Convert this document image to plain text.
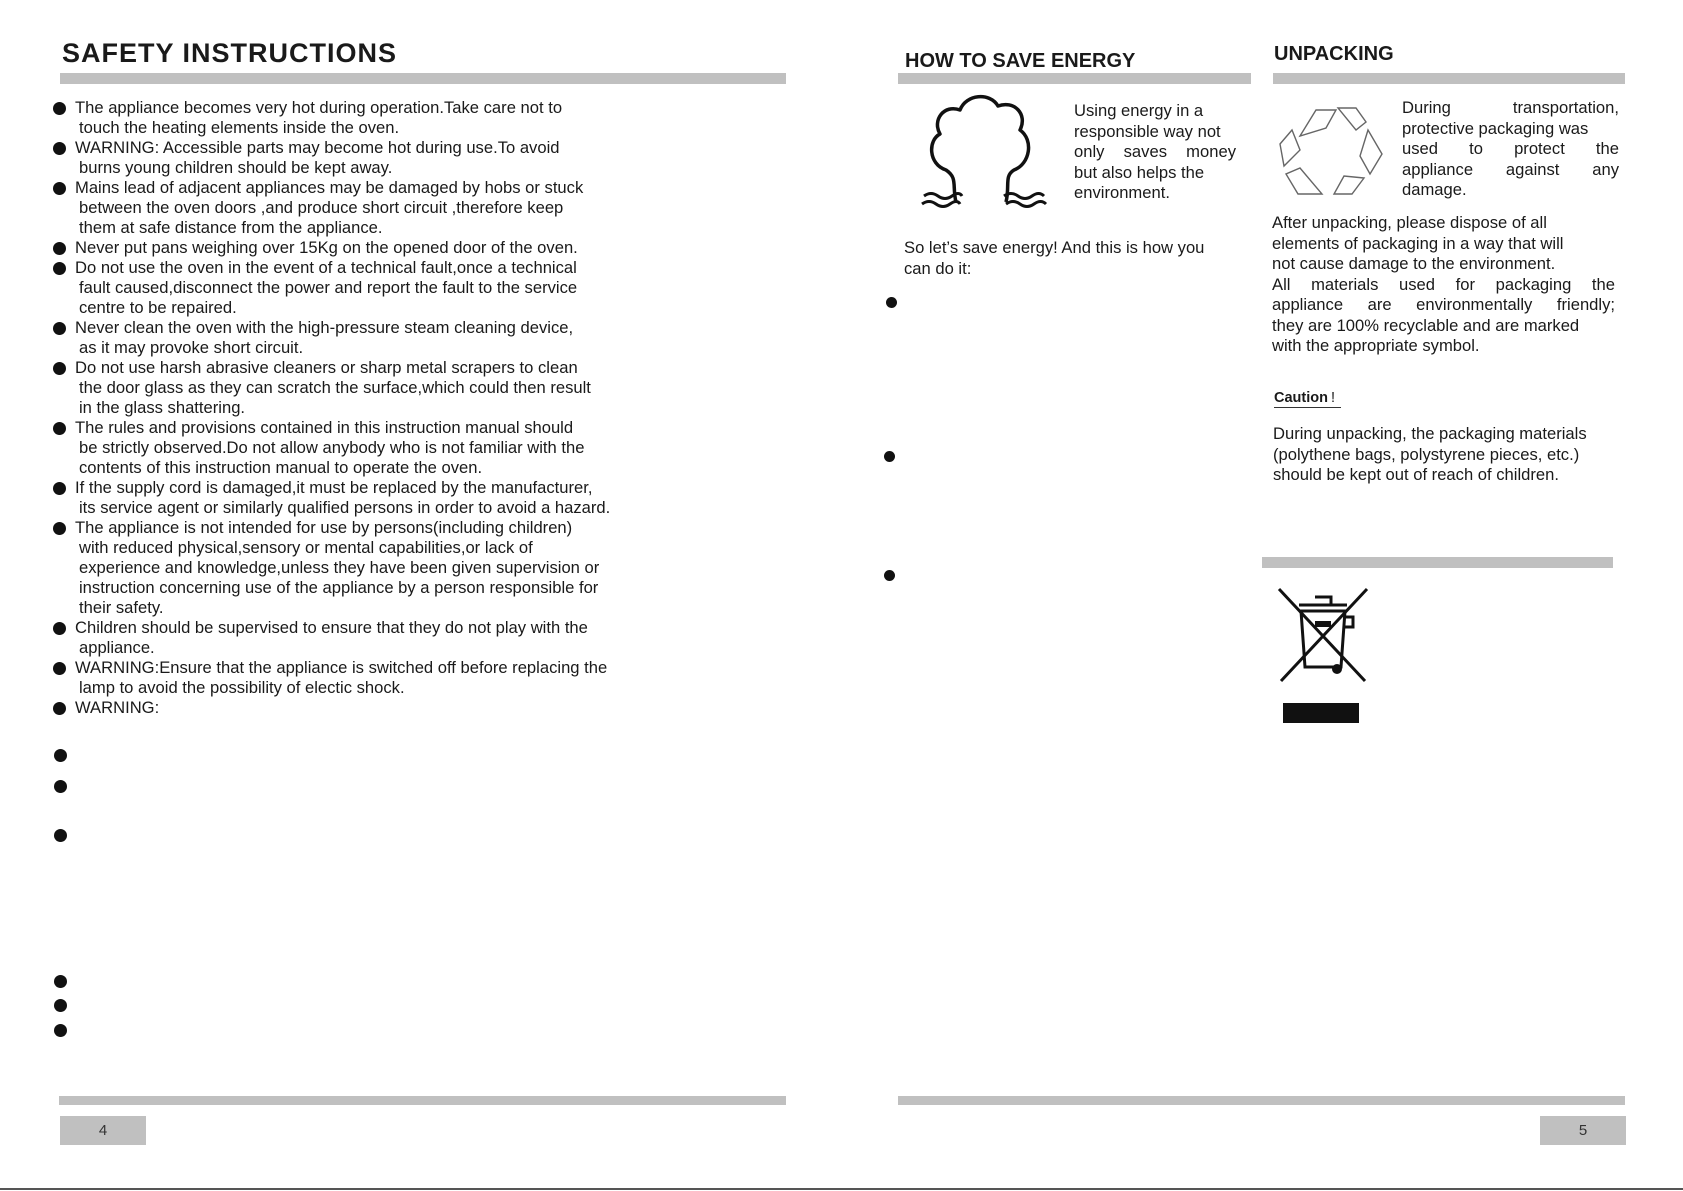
SAFETY INSTRUCTIONS
The appliance becomes very hot during operation.Take care not to
touch the heating elements inside the oven.
WARNING: Accessible parts may become hot during use.To avoid
burns young children should be kept away.
Mains lead of adjacent appliances may be damaged by hobs or stuck
between the oven doors ,and produce short circuit ,therefore keep
them at safe distance from the appliance.
Never put pans weighing over 15Kg on the opened door of the oven.
Do not use the oven in the event of a technical fault,once a technical
fault caused,disconnect the power and report the fault to the service
centre to be repaired.
Never clean the oven with the high-pressure steam cleaning device,
as it may provoke short circuit.
Do not use harsh abrasive cleaners or sharp metal scrapers to clean
the door glass as they can scratch the surface,which could then result
in the glass shattering.
The rules and provisions contained in this instruction manual should
be strictly observed.Do not allow anybody who is not familiar with the
contents of this instruction manual to operate the oven.
If the supply cord is damaged,it must be replaced by the manufacturer,
its service agent or similarly qualified persons in order to avoid a hazard.
The appliance is not intended for use by persons(including children)
with reduced physical,sensory or mental capabilities,or lack of
experience and knowledge,unless they have been given supervision or
instruction concerning use of the appliance by a person responsible for
their safety.
Children should be supervised to ensure that they do not play with the
appliance.
WARNING:Ensure that the appliance is switched off before replacing the
lamp to avoid the possibility of electic shock.
WARNING:
4
HOW TO SAVE ENERGY
Using energy in a
responsible way not
only saves money
but also helps the
environment.
So let’s save energy! And this is how you
can do it:
UNPACKING
During transportation,
protective packaging was
used to protect the
appliance against any
damage.
After unpacking, please dispose of all
elements of packaging in a way that will
not cause damage to the environment.
All materials used for packaging the
appliance are environmentally friendly;
they are 100% recyclable and are marked
with the appropriate symbol.
Caution !
During unpacking, the packaging materials
(polythene bags, polystyrene pieces, etc.)
should be kept out of reach of children.
5
